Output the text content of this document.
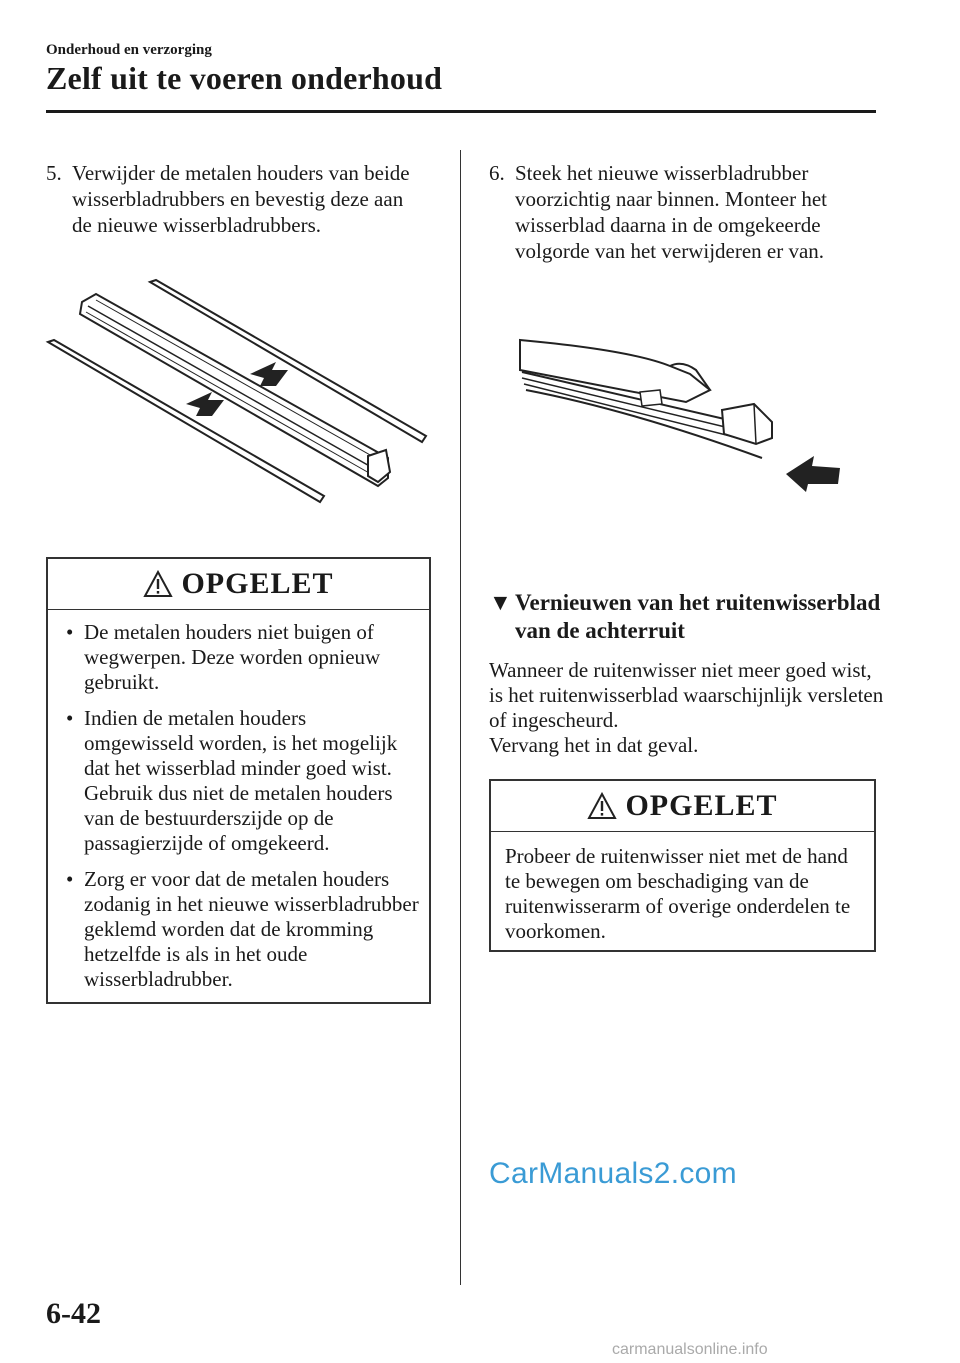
Onderhoud en verzorging
Zelf uit te voeren onderhoud
5. Verwijder de metalen houders van beide wisserbladrubbers en bevestig deze aan de nieuwe wisserbladrubbers.
OPGELET
• De metalen houders niet buigen of wegwerpen. Deze worden opnieuw gebruikt.
• Indien de metalen houders omgewisseld worden, is het mogelijk dat het wisserblad minder goed wist. Gebruik dus niet de metalen houders van de bestuurderszijde op de passagierzijde of omgekeerd.
• Zorg er voor dat de metalen houders zodanig in het nieuwe wisserbladrubber geklemd worden dat de kromming hetzelfde is als in het oude wisserbladrubber.
6. Steek het nieuwe wisserbladrubber voorzichtig naar binnen. Monteer het wisserblad daarna in de omgekeerde volgorde van het verwijderen er van.
▼ Vernieuwen van het ruitenwisserblad van de achterruit
Wanneer de ruitenwisser niet meer goed wist, is het ruitenwisserblad waarschijnlijk versleten of ingescheurd.
Vervang het in dat geval.
OPGELET

Probeer de ruitenwisser niet met de hand te bewegen om beschadiging van de ruitenwisserarm of overige onderdelen te voorkomen.

CarManuals2.com
6-42
carmanualsonline.info
